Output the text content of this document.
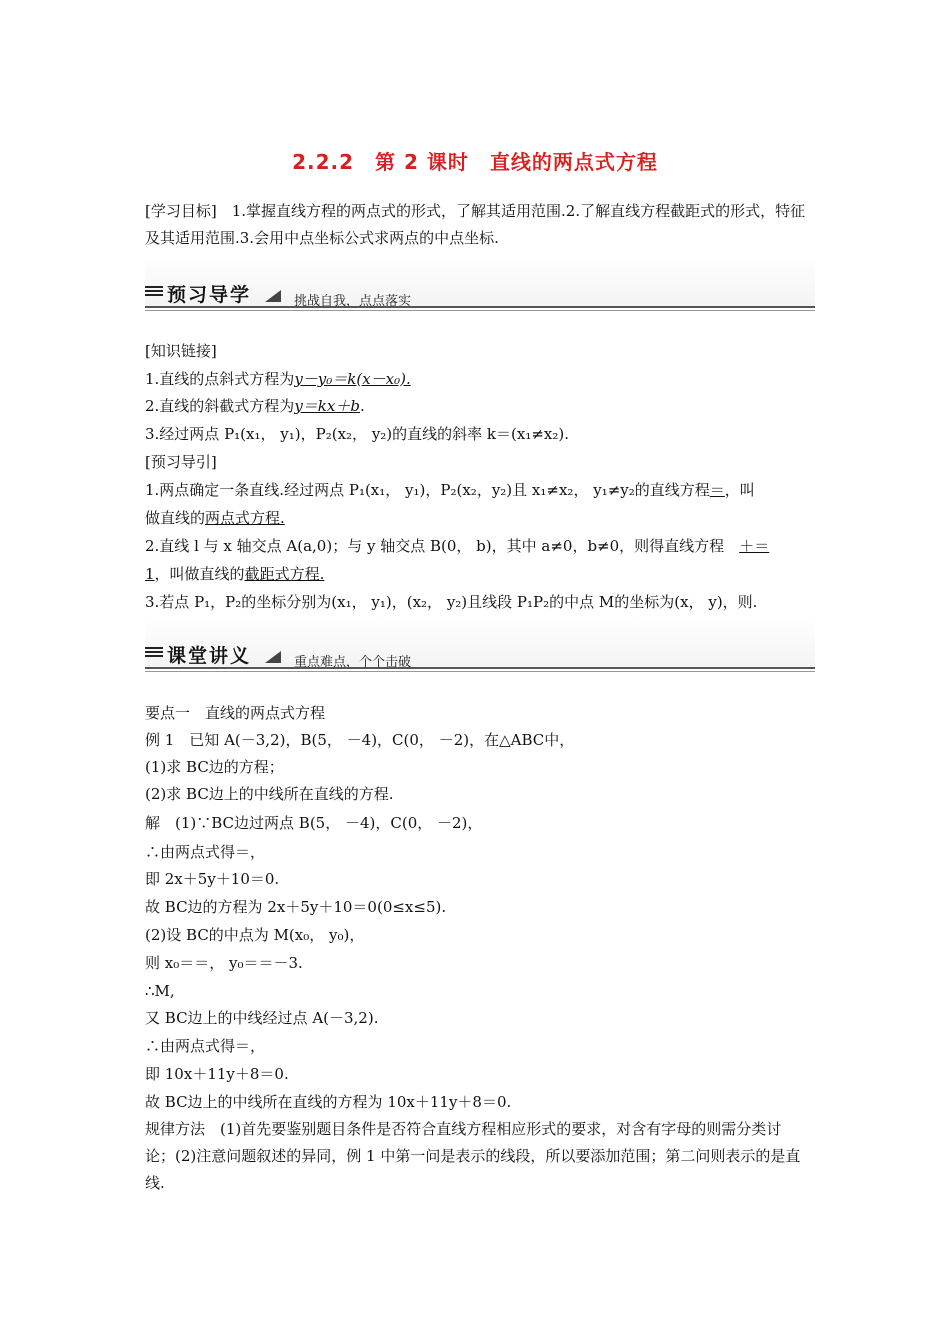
2.2.2　第 2 课时　直线的两点式方程
[学习目标]　1.掌握直线方程的两点式的形式，了解其适用范围.2.了解直线方程截距式的形式，特征及其适用范围.3.会用中点坐标公式求两点的中点坐标.
预习导学	挑战自我，点点落实
[知识链接]
1.直线的点斜式方程为y－y₀＝k(x－x₀).
2.直线的斜截式方程为y＝kx＋b.
3.经过两点 P₁(x₁， y₁)，P₂(x₂， y₂)的直线的斜率 k＝(x₁≠x₂).
[预习导引]
1.两点确定一条直线.经过两点 P₁(x₁， y₁)，P₂(x₂，y₂)且 x₁≠x₂， y₁≠y₂的直线方程＝，叫
做直线的两点式方程.
2.直线 l 与 x 轴交点 A(a,0)；与 y 轴交点 B(0， b)，其中 a≠0，b≠0，则得直线方程　 ＋＝
1，叫做直线的截距式方程.
3.若点 P₁，P₂的坐标分别为(x₁， y₁)，(x₂， y₂)且线段 P₁P₂的中点 M的坐标为(x， y)，则.
课堂讲义	重点难点，个个击破
要点一　直线的两点式方程
例 1　已知 A(－3,2)，B(5， －4)，C(0， －2)，在△ABC中，
(1)求 BC边的方程；
(2)求 BC边上的中线所在直线的方程.
解　(1)∵BC边过两点 B(5， －4)，C(0， －2)，
∴由两点式得＝，
即 2x＋5y＋10＝0.
故 BC边的方程为 2x＋5y＋10＝0(0≤x≤5).
(2)设 BC的中点为 M(x₀， y₀)，
则 x₀＝＝， y₀＝＝－3.
∴M,
又 BC边上的中线经过点 A(－3,2).
∴由两点式得＝，
即 10x＋11y＋8＝0.
故 BC边上的中线所在直线的方程为 10x＋11y＋8＝0.
规律方法　(1)首先要鉴别题目条件是否符合直线方程相应形式的要求，对含有字母的则需分类讨论；(2)注意问题叙述的异同，例 1 中第一问是表示的线段，所以要添加范围；第二问则表示的是直线.
